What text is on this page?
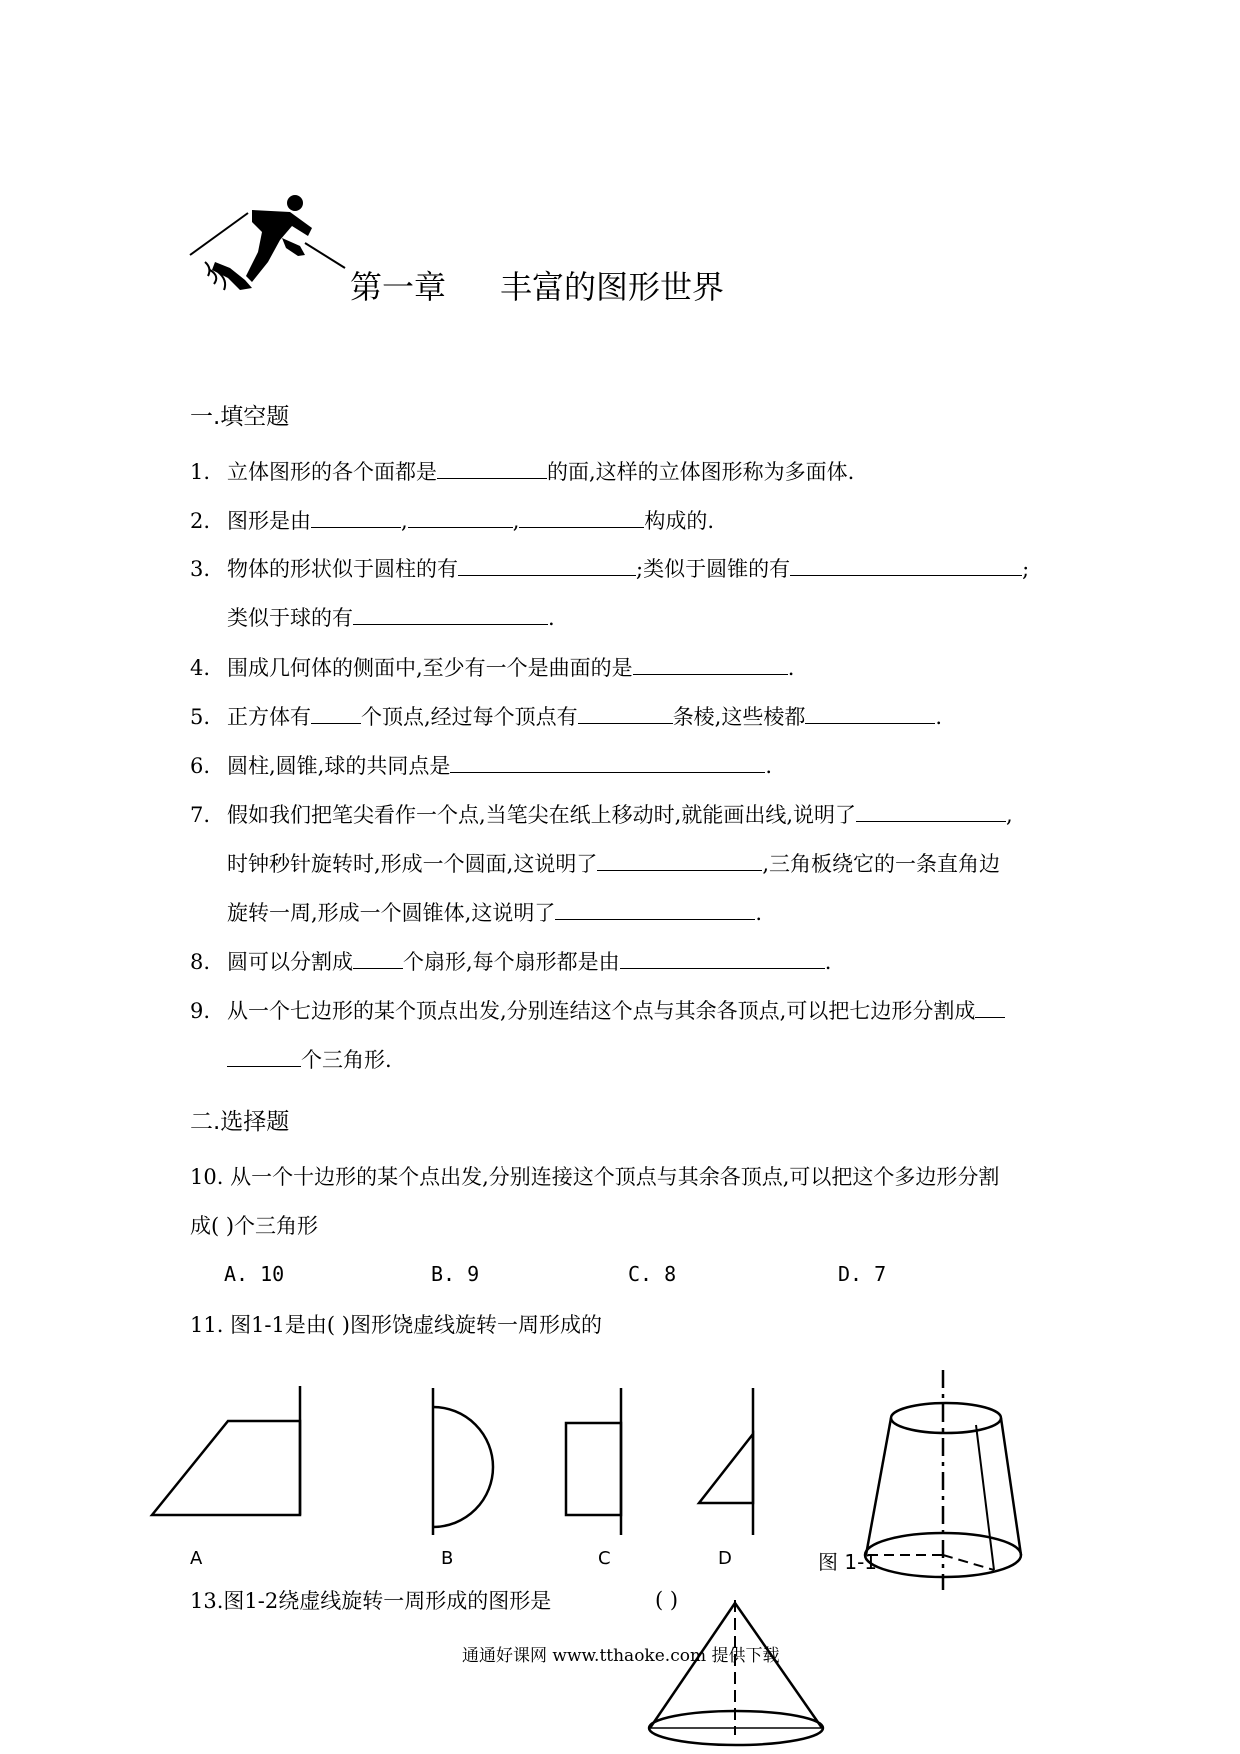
第一章 丰富的图形世界
一.填空题
1. 立体图形的各个面都是	的面,这样的立体图形称为多面体.
2. 图形是由	,	,	构成的.
3. 物体的形状似于圆柱的有	;类似于圆锥的有	;
类似于球的有	.
4. 围成几何体的侧面中,至少有一个是曲面的是	.
5. 正方体有 个顶点,经过每个顶点有	条棱,这些棱都	.
6. 圆柱,圆锥,球的共同点是	.
7. 假如我们把笔尖看作一个点,当笔尖在纸上移动时,就能画出线,说明了	,
时钟秒针旋转时,形成一个圆面,这说明了	,三角板绕它的一条直角边
旋转一周,形成一个圆锥体,这说明了	.
8. 圆可以分割成 个扇形,每个扇形都是由	.
9. 从一个七边形的某个顶点出发,分别连结这个点与其余各顶点,可以把七边形分割成
个三角形.
二.选择题
10. 从一个十边形的某个点出发,分别连接这个顶点与其余各顶点,可以把这个多边形分割
成( )个三角形
A. 10	B. 9	C. 8	D. 7
11. 图1-1是由( )图形饶虚线旋转一周形成的
A	B	C	D	图 1-1
13.图1-2绕虚线旋转一周形成的图形是	( )
通通好课网 www.tthaoke.com 提供下载
